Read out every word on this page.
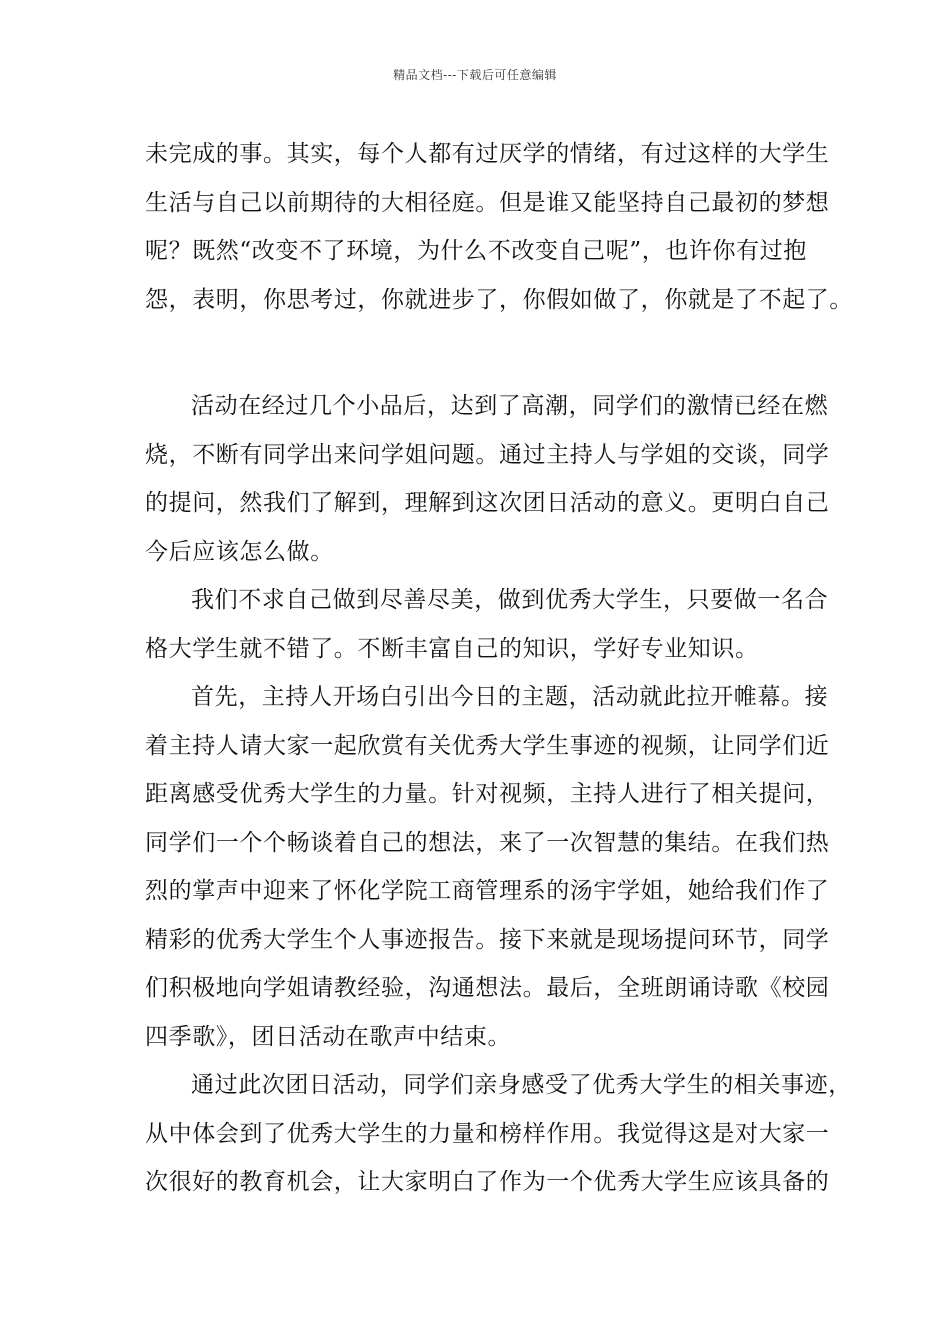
精品文档---下载后可任意编辑
未完成的事。其实，每个人都有过厌学的情绪，有过这样的大学生
生活与自己以前期待的大相径庭。但是谁又能坚持自己最初的梦想
呢？既然“改变不了环境，为什么不改变自己呢”，也许你有过抱
怨，表明，你思考过，你就进步了，你假如做了，你就是了不起了。
活动在经过几个小品后，达到了高潮，同学们的激情已经在燃
烧，不断有同学出来问学姐问题。通过主持人与学姐的交谈，同学
的提问，然我们了解到，理解到这次团日活动的意义。更明白自己
今后应该怎么做。
我们不求自己做到尽善尽美，做到优秀大学生，只要做一名合
格大学生就不错了。不断丰富自己的知识，学好专业知识。
首先，主持人开场白引出今日的主题，活动就此拉开帷幕。接
着主持人请大家一起欣赏有关优秀大学生事迹的视频，让同学们近
距离感受优秀大学生的力量。针对视频，主持人进行了相关提问，
同学们一个个畅谈着自己的想法，来了一次智慧的集结。在我们热
烈的掌声中迎来了怀化学院工商管理系的汤宇学姐，她给我们作了
精彩的优秀大学生个人事迹报告。接下来就是现场提问环节，同学
们积极地向学姐请教经验，沟通想法。最后，全班朗诵诗歌《校园
四季歌》，团日活动在歌声中结束。
通过此次团日活动，同学们亲身感受了优秀大学生的相关事迹，
从中体会到了优秀大学生的力量和榜样作用。我觉得这是对大家一
次很好的教育机会，让大家明白了作为一个优秀大学生应该具备的
